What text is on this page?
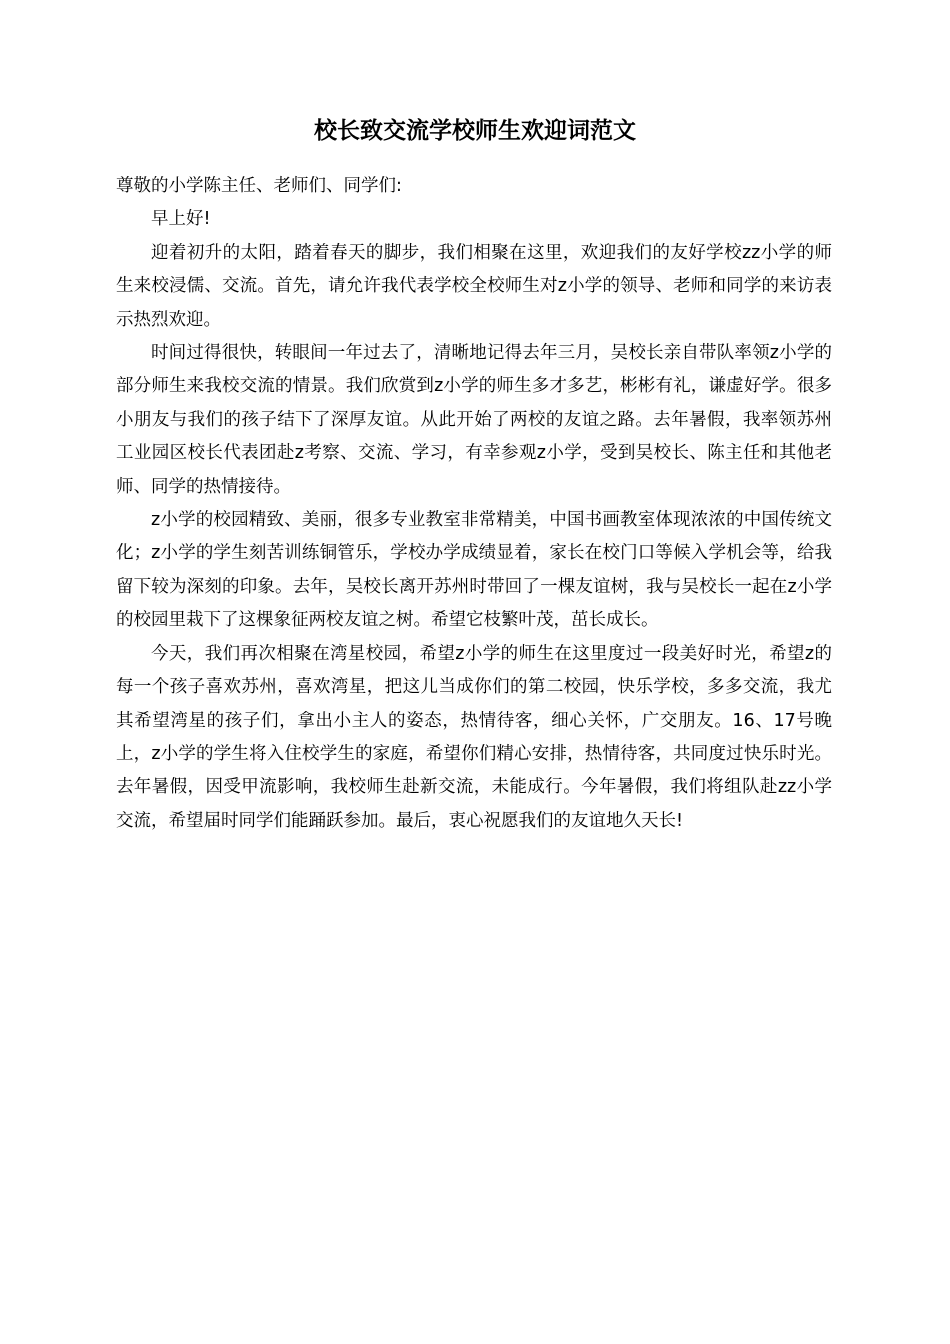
校长致交流学校师生欢迎词范文

尊敬的小学陈主任、老师们、同学们:

早上好!

迎着初升的太阳，踏着春天的脚步，我们相聚在这里，欢迎我们的友好学校zz小学的师生来校浸儒、交流。首先，请允许我代表学校全校师生对z小学的领导、老师和同学的来访表示热烈欢迎。

时间过得很快，转眼间一年过去了，清晰地记得去年三月，吴校长亲自带队率领z小学的部分师生来我校交流的情景。我们欣赏到z小学的师生多才多艺，彬彬有礼，谦虚好学。很多小朋友与我们的孩子结下了深厚友谊。从此开始了两校的友谊之路。去年暑假，我率领苏州工业园区校长代表团赴z考察、交流、学习，有幸参观z小学，受到吴校长、陈主任和其他老师、同学的热情接待。

z小学的校园精致、美丽，很多专业教室非常精美，中国书画教室体现浓浓的中国传统文化；z小学的学生刻苦训练铜管乐，学校办学成绩显着，家长在校门口等候入学机会等，给我留下较为深刻的印象。去年，吴校长离开苏州时带回了一棵友谊树，我与吴校长一起在z小学的校园里栽下了这棵象征两校友谊之树。希望它枝繁叶茂，茁长成长。

今天，我们再次相聚在湾星校园，希望z小学的师生在这里度过一段美好时光，希望z的每一个孩子喜欢苏州，喜欢湾星，把这儿当成你们的第二校园，快乐学校，多多交流，我尤其希望湾星的孩子们，拿出小主人的姿态，热情待客，细心关怀，广交朋友。16、17号晚上，z小学的学生将入住校学生的家庭，希望你们精心安排，热情待客，共同度过快乐时光。去年暑假，因受甲流影响，我校师生赴新交流，未能成行。今年暑假，我们将组队赴zz小学交流，希望届时同学们能踊跃参加。最后，衷心祝愿我们的友谊地久天长!
